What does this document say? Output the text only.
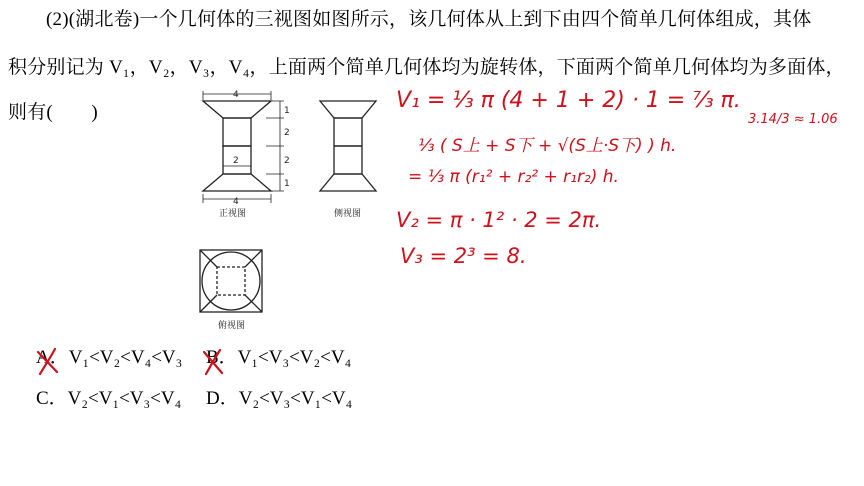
(2)(湖北卷)一个几何体的三视图如图所示，该几何体从上到下由四个简单几何体组成，其体
积分别记为 V₁，V₂，V₃，V₄，上面两个简单几何体均为旋转体，下面两个简单几何体均为多面体，
则有(　　)
4
4
2
1
2
2
1
正视图	侧视图
俯视图
A．V₁<V₂<V₄<V₃ B．V₁<V₃<V₂<V₄
C．V₂<V₁<V₃<V₄ D．V₂<V₃<V₁<V₄
V₁ = ⅓ π (4 + 1 + 2) · 1 = ⁷⁄₃ π.
⅓ ( S上 + S下 + √(S上·S下) ) h.
= ⅓ π (r₁² + r₂² + r₁r₂) h.
V₂ = π · 1² · 2 = 2π.
V₃ = 2³ = 8.
3.14/3 ≈ 1.06
